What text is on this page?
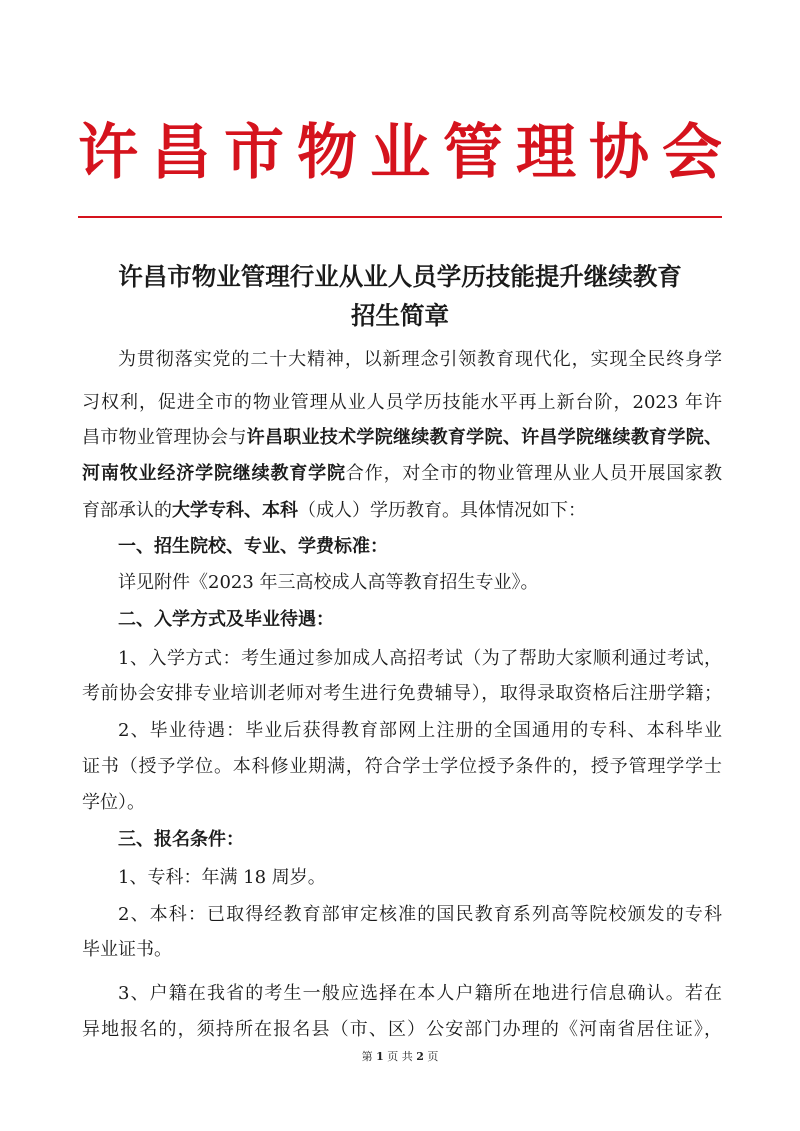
许 昌 市 物 业 管 理 协 会
许昌市物业管理行业从业人员学历技能提升继续教育
招生简章
为贯彻落实党的二十大精神，以新理念引领教育现代化，实现全民终身学
习权利，促进全市的物业管理从业人员学历技能水平再上新台阶，2023 年许
昌市物业管理协会与许昌职业技术学院继续教育学院、许昌学院继续教育学院、
河南牧业经济学院继续教育学院合作，对全市的物业管理从业人员开展国家教
育部承认的大学专科、本科（成人）学历教育。具体情况如下：
一、招生院校、专业、学费标准：
详见附件《2023 年三高校成人高等教育招生专业》。
二、入学方式及毕业待遇：
1、入学方式：考生通过参加成人高招考试（为了帮助大家顺利通过考试，
考前协会安排专业培训老师对考生进行免费辅导），取得录取资格后注册学籍；
2、毕业待遇：毕业后获得教育部网上注册的全国通用的专科、本科毕业
证书（授予学位。本科修业期满，符合学士学位授予条件的，授予管理学学士
学位）。
三、报名条件：
1、专科：年满 18 周岁。
2、本科：已取得经教育部审定核准的国民教育系列高等院校颁发的专科
毕业证书。
3、户籍在我省的考生一般应选择在本人户籍所在地进行信息确认。若在
异地报名的，须持所在报名县（市、区）公安部门办理的《河南省居住证》，
第 1 页 共 2 页
